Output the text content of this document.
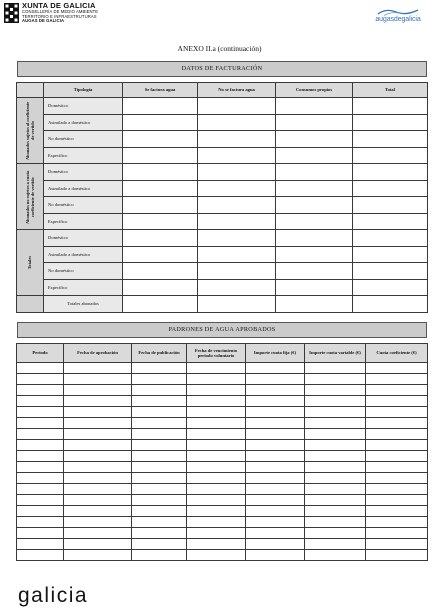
XUNTA DE GALICIA
CONSELLERÍA DE MEDIO AMBIENTE
TERRITORIO E INFRAESTRUTURAS
AUGAS DE GALICIA	augasdegalicia
ANEXO II.a (continuación)
DATOS DE FACTURACIÓN
	Tipología	Se factura agua	No se factura agua	Consumos propios	Total

Abonados sujetos al coeficiente de vertido	Doméstico				
	Asimilado a doméstico				
	No doméstico				
	Específico				

Abonados no sujetos a cuota coeficiente de vertido	Doméstico				
	Asimilado a doméstico				
	No doméstico				
	Específico				

Totales	Doméstico				
	Asimilado a doméstico				
	No doméstico				
	Específico				
	Totales abonados				
PADRONES DE AGUA APROBADOS
Periodo	Fecha de aprobación	Fecha de publicación	Fecha de vencimiento periodo voluntario	Importe cuota fija (€)	Importe cuota variable (€)	Cuota coeficiente (€)

galicia
